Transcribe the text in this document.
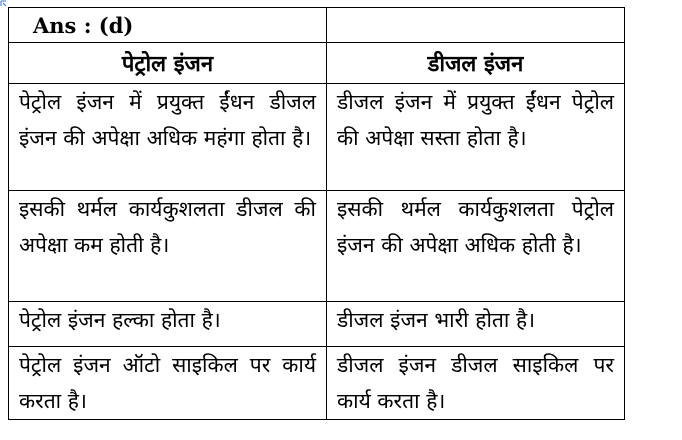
Ans : (d)	
पेट्रोल इंजन	डीजल इंजन
पेट्रोल इंजन में प्रयुक्त ईंधन डीजल इंजन की अपेक्षा अधिक महंगा होता है।	डीजल इंजन में प्रयुक्त ईंधन पेट्रोल की अपेक्षा सस्ता होता है।
इसकी थर्मल कार्यकुशलता डीजल की अपेक्षा कम होती है।	इसकी थर्मल कार्यकुशलता पेट्रोल इंजन की अपेक्षा अधिक होती है।
पेट्रोल इंजन हल्का होता है।	डीजल इंजन भारी होता है।
पेट्रोल इंजन ऑटो साइकिल पर कार्य करता है।	डीजल इंजन डीजल साइकिल पर कार्य करता है।
